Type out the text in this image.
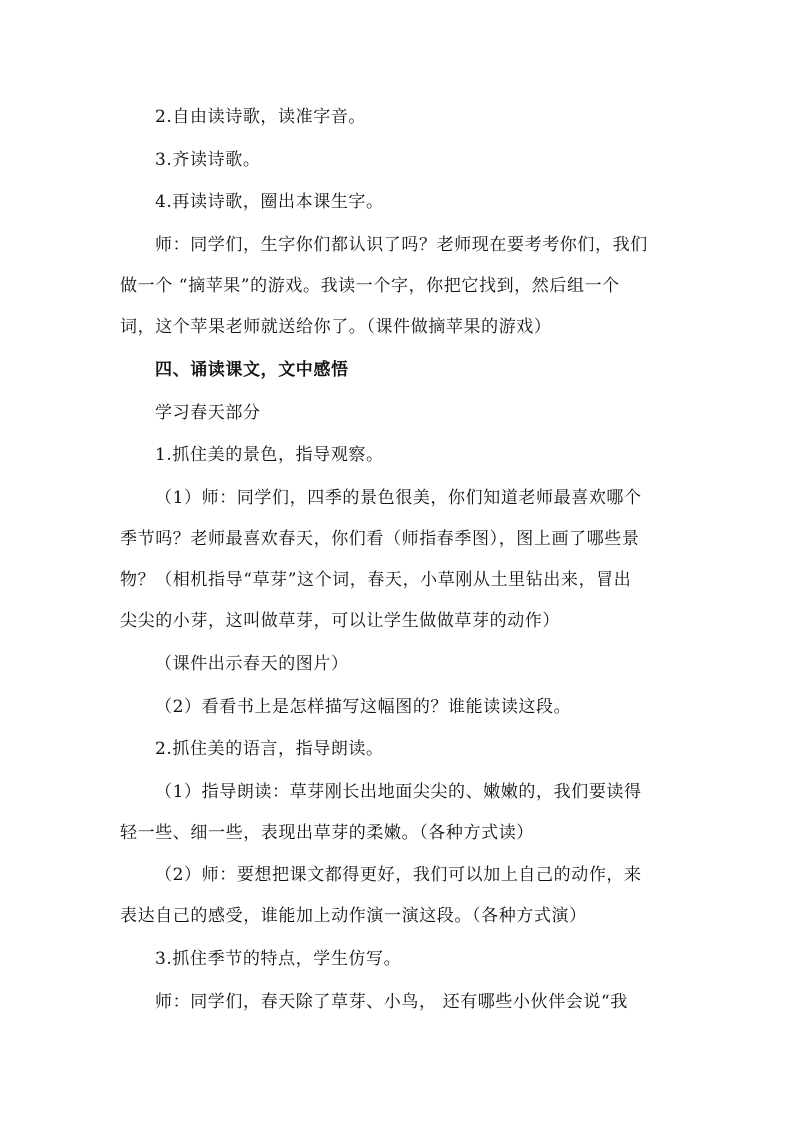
2.自由读诗歌，读准字音。
3.齐读诗歌。
4.再读诗歌，圈出本课生字。
师：同学们，生字你们都认识了吗？老师现在要考考你们，我们
做一个 “摘苹果”的游戏。我读一个字，你把它找到，然后组一个
词，这个苹果老师就送给你了。（课件做摘苹果的游戏）
四、诵读课文，文中感悟
学习春天部分
1.抓住美的景色，指导观察。
（1）师：同学们，四季的景色很美，你们知道老师最喜欢哪个
季节吗？老师最喜欢春天，你们看（师指春季图），图上画了哪些景
物？（相机指导“草芽”这个词，春天，小草刚从土里钻出来，冒出
尖尖的小芽，这叫做草芽，可以让学生做做草芽的动作）
（课件出示春天的图片）
（2）看看书上是怎样描写这幅图的？谁能读读这段。
2.抓住美的语言，指导朗读。
（1）指导朗读：草芽刚长出地面尖尖的、嫩嫩的，我们要读得
轻一些、细一些，表现出草芽的柔嫩。（各种方式读）
（2）师：要想把课文都得更好，我们可以加上自己的动作，来
表达自己的感受，谁能加上动作演一演这段。（各种方式演）
3.抓住季节的特点，学生仿写。
师：同学们，春天除了草芽、小鸟， 还有哪些小伙伴会说“我
